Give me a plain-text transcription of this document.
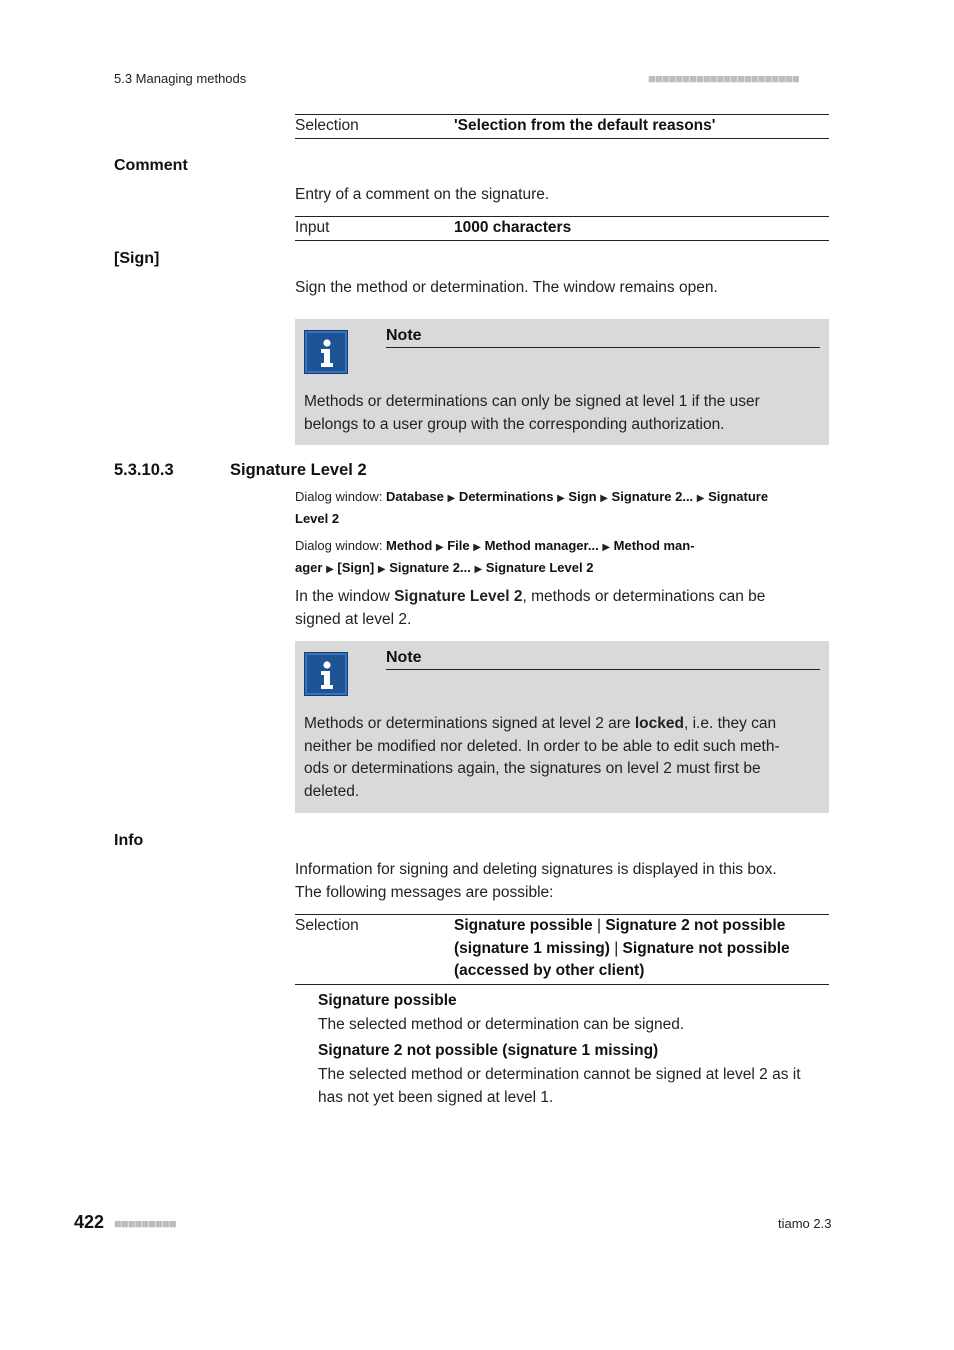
5.3 Managing methods	■■■■■■■■■■■■■■■■■■■■■■
Selection	'Selection from the default reasons'
Comment
Entry of a comment on the signature.
Input	1000 characters
[Sign]
Sign the method or determination. The window remains open.
Note
Methods or determinations can only be signed at level 1 if the user
belongs to a user group with the corresponding authorization.
5.3.10.3	Signature Level 2
Dialog window: Database ▶ Determinations ▶ Sign ▶ Signature 2... ▶ Signature
Level 2
Dialog window: Method ▶ File ▶ Method manager... ▶ Method man-
ager ▶ [Sign] ▶ Signature 2... ▶ Signature Level 2
In the window Signature Level 2, methods or determinations can be
signed at level 2.
Note
Methods or determinations signed at level 2 are locked, i.e. they can
neither be modified nor deleted. In order to be able to edit such meth-
ods or determinations again, the signatures on level 2 must first be
deleted.
Info
Information for signing and deleting signatures is displayed in this box.
The following messages are possible:
Selection	Signature possible | Signature 2 not possible
(signature 1 missing) | Signature not possible
(accessed by other client)
Signature possible
The selected method or determination can be signed.
Signature 2 not possible (signature 1 missing)
The selected method or determination cannot be signed at level 2 as it
has not yet been signed at level 1.
422 ■■■■■■■■■	tiamo 2.3
